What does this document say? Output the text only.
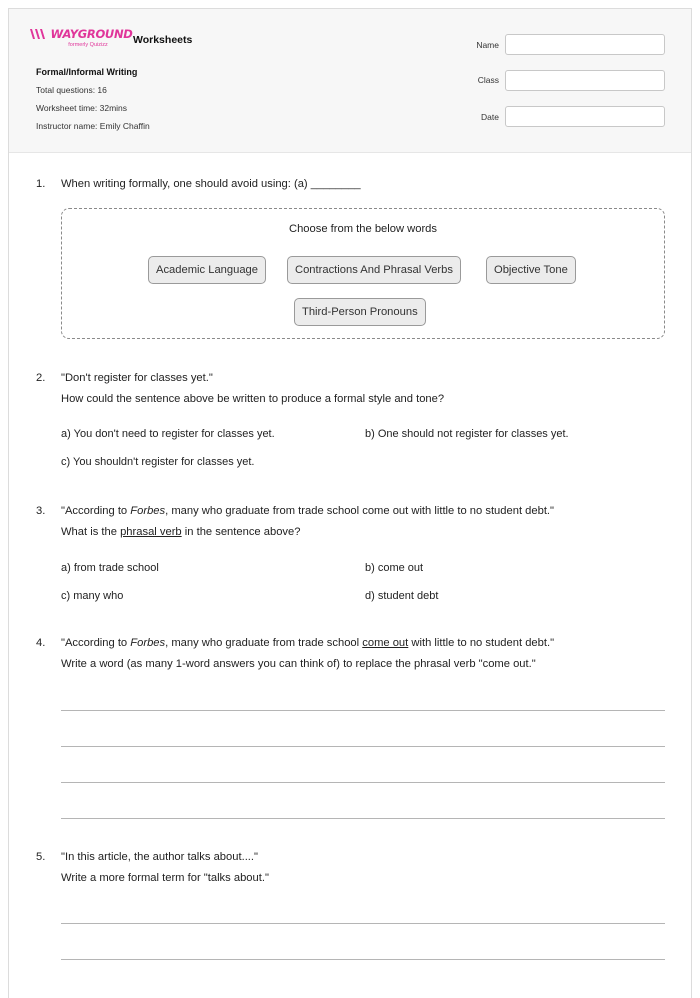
WAYGROUND
formerly Quizizz Worksheets
Formal/Informal Writing
Total questions: 16
Worksheet time: 32mins
Instructor name: Emily Chaffin
Name
Class
Date
1. When writing formally, one should avoid using: (a) ________
Choose from the below words
Academic Language	Contractions And Phrasal Verbs	Objective Tone
Third-Person Pronouns
2. "Don't register for classes yet."
How could the sentence above be written to produce a formal style and tone?
a) You don't need to register for classes yet.	b) One should not register for classes yet.
c) You shouldn't register for classes yet.
3. "According to Forbes, many who graduate from trade school come out with little to no student debt."
What is the phrasal verb in the sentence above?
a) from trade school	b) come out
c) many who	d) student debt
4. "According to Forbes, many who graduate from trade school come out with little to no student debt."
Write a word (as many 1-word answers you can think of) to replace the phrasal verb "come out."
5. "In this article, the author talks about...."
Write a more formal term for "talks about."
